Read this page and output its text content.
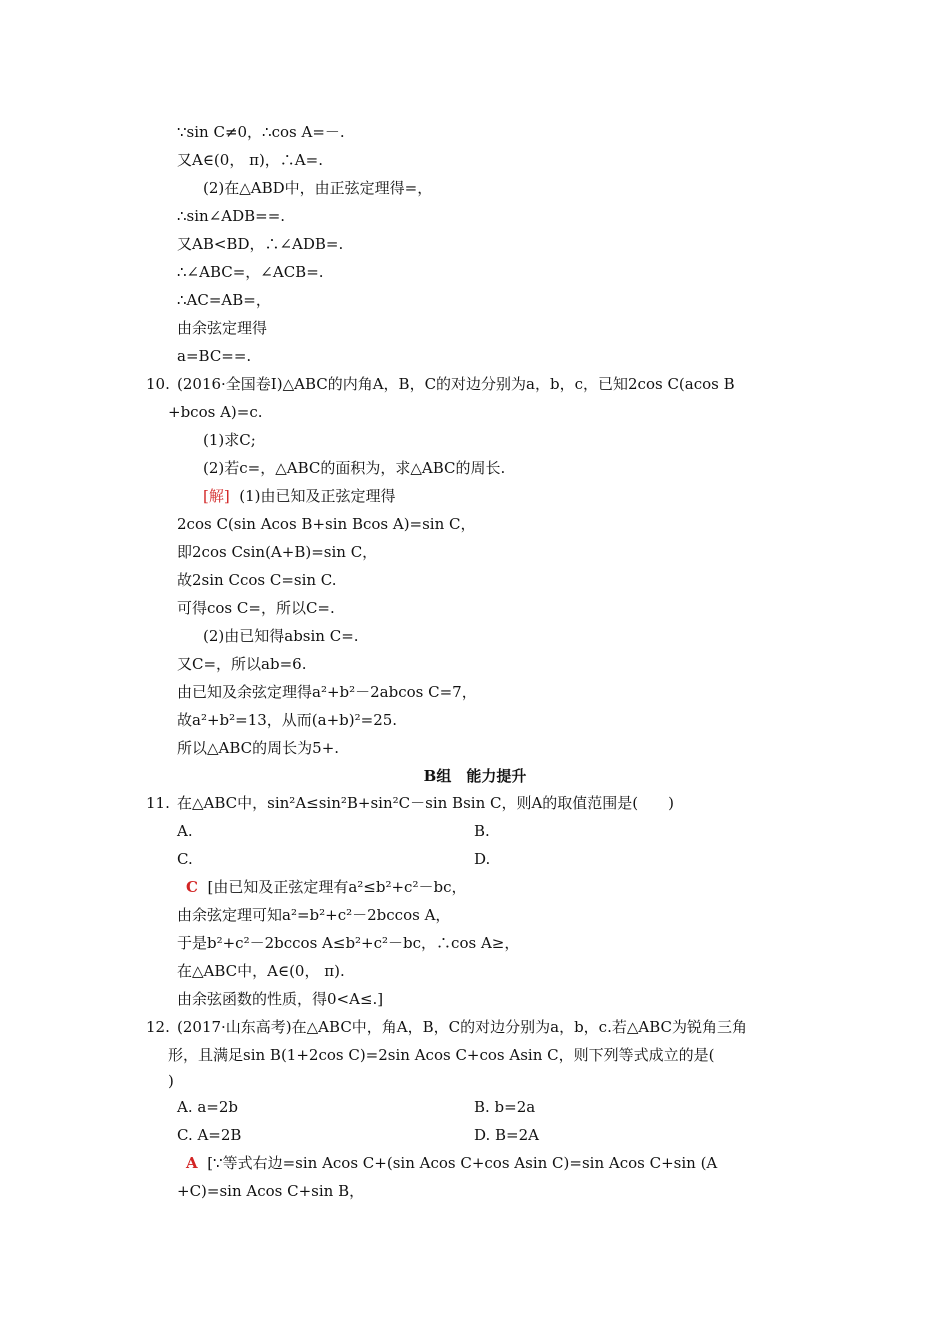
∵sin C≠0，∴cos A=－.
又A∈(0， π)，∴A=.
(2)在△ABD中，由正弦定理得=，
∴sin∠ADB==.
又AB<BD，∴∠ADB=.
∴∠ABC=，∠ACB=.
∴AC=AB=，
由余弦定理得
a=BC==.
10. (2016·全国卷Ⅰ)△ABC的内角A，B，C的对边分别为a，b，c，已知2cos C(acos B
+bcos A)=c.
(1)求C;
(2)若c=，△ABC的面积为，求△ABC的周长.
[解] (1)由已知及正弦定理得
2cos C(sin Acos B+sin Bcos A)=sin C，
即2cos Csin(A+B)=sin C，
故2sin Ccos C=sin C.
可得cos C=，所以C=.
(2)由已知得absin C=.
又C=，所以ab=6.
由已知及余弦定理得a²+b²－2abcos C=7，
故a²+b²=13，从而(a+b)²=25.
所以△ABC的周长为5+.
B组　能力提升
11. 在△ABC中，sin²A≤sin²B+sin²C－sin Bsin C，则A的取值范围是(　　)
A.	B.
C.	D.
C [由已知及正弦定理有a²≤b²+c²－bc，
由余弦定理可知a²=b²+c²－2bccos A，
于是b²+c²－2bccos A≤b²+c²－bc，∴cos A≥，
在△ABC中，A∈(0， π).
由余弦函数的性质，得0<A≤.]
12. (2017·山东高考)在△ABC中，角A，B，C的对边分别为a，b，c.若△ABC为锐角三角
形，且满足sin B(1+2cos C)=2sin Acos C+cos Asin C，则下列等式成立的是(
)
A. a=2b	B. b=2a
C. A=2B	D. B=2A
A [∵等式右边=sin Acos C+(sin Acos C+cos Asin C)=sin Acos C+sin (A
+C)=sin Acos C+sin B，
